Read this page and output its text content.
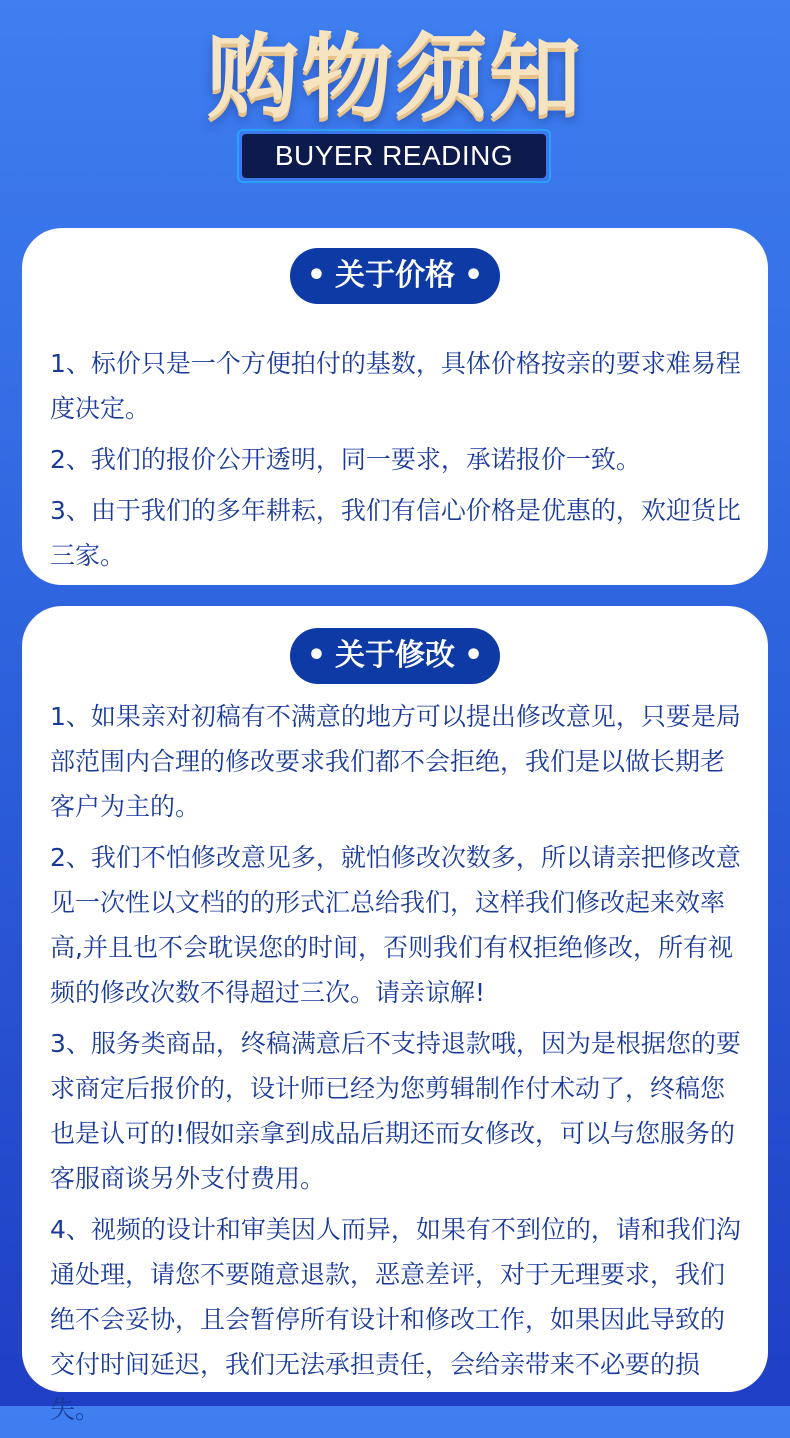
购物须知
BUYER READING
• 关于价格 •
1、标价只是一个方便拍付的基数，具体价格按亲的要求难易程度决定。
2、我们的报价公开透明，同一要求，承诺报价一致。
3、由于我们的多年耕耘，我们有信心价格是优惠的，欢迎货比三家。
• 关于修改 •
1、如果亲对初稿有不满意的地方可以提出修改意见，只要是局部范围内合理的修改要求我们都不会拒绝，我们是以做长期老客户为主的。
2、我们不怕修改意见多，就怕修改次数多，所以请亲把修改意见一次性以文档的的形式汇总给我们，这样我们修改起来效率高,并且也不会耽误您的时间，否则我们有权拒绝修改，所有视频的修改次数不得超过三次。请亲谅解!
3、服务类商品，终稿满意后不支持退款哦，因为是根据您的要求商定后报价的，设计师已经为您剪辑制作付术动了，终稿您也是认可的!假如亲拿到成品后期还而女修改，可以与您服务的客服商谈另外支付费用。
4、视频的设计和审美因人而异，如果有不到位的，请和我们沟通处理，请您不要随意退款，恶意差评，对于无理要求，我们绝不会妥协，且会暂停所有设计和修改工作，如果因此导致的交付时间延迟，我们无法承担责任，会给亲带来不必要的损失。
